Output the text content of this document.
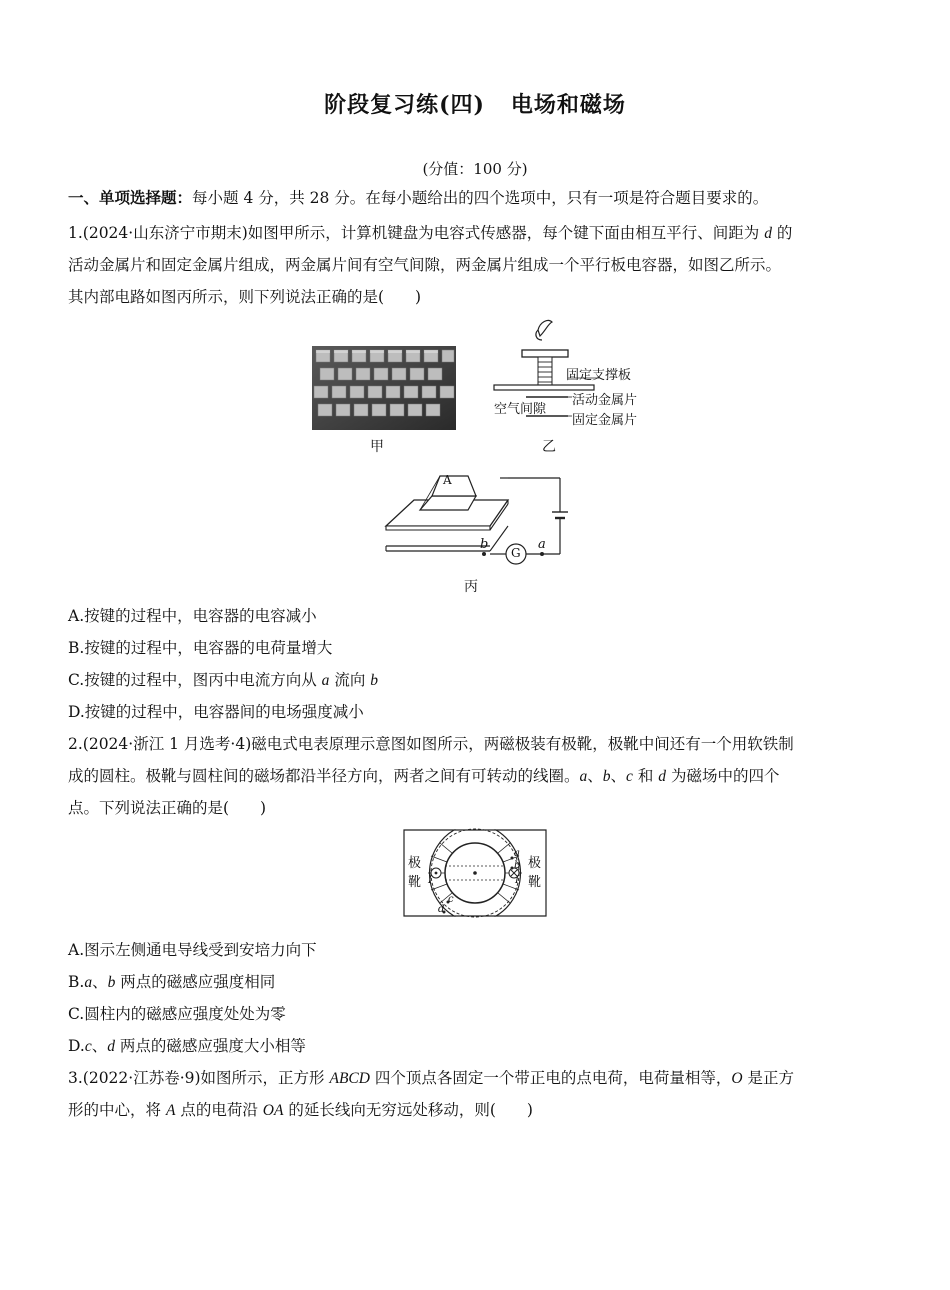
阶段复习练(四) 电场和磁场
(分值：100 分)
一、单项选择题：每小题 4 分，共 28 分。在每小题给出的四个选项中，只有一项是符合题目要求的。
1.(2024·山东济宁市期末)如图甲所示，计算机键盘为电容式传感器，每个键下面由相互平行、间距为 d 的
活动金属片和固定金属片组成，两金属片间有空气间隙，两金属片组成一个平行板电容器，如图乙所示。
其内部电路如图丙所示，则下列说法正确的是(　　)
甲
固定支撑板
空气间隙
活动金属片
固定金属片
乙
A
b
G
a
丙
A.按键的过程中，电容器的电容减小
B.按键的过程中，电容器的电荷量增大
C.按键的过程中，图丙中电流方向从 a 流向 b
D.按键的过程中，电容器间的电场强度减小
2.(2024·浙江 1 月选考·4)磁电式电表原理示意图如图所示，两磁极装有极靴，极靴中间还有一个用软铁制
成的圆柱。极靴与圆柱间的磁场都沿半径方向，两者之间有可转动的线圈。a、b、c 和 d 为磁场中的四个
点。下列说法正确的是(　　)
极
靴
极
靴
a
b
c
d
I	I
A.图示左侧通电导线受到安培力向下
B.a、b 两点的磁感应强度相同
C.圆柱内的磁感应强度处处为零
D.c、d 两点的磁感应强度大小相等
3.(2022·江苏卷·9)如图所示，正方形 ABCD 四个顶点各固定一个带正电的点电荷，电荷量相等，O 是正方
形的中心，将 A 点的电荷沿 OA 的延长线向无穷远处移动，则(　　)
